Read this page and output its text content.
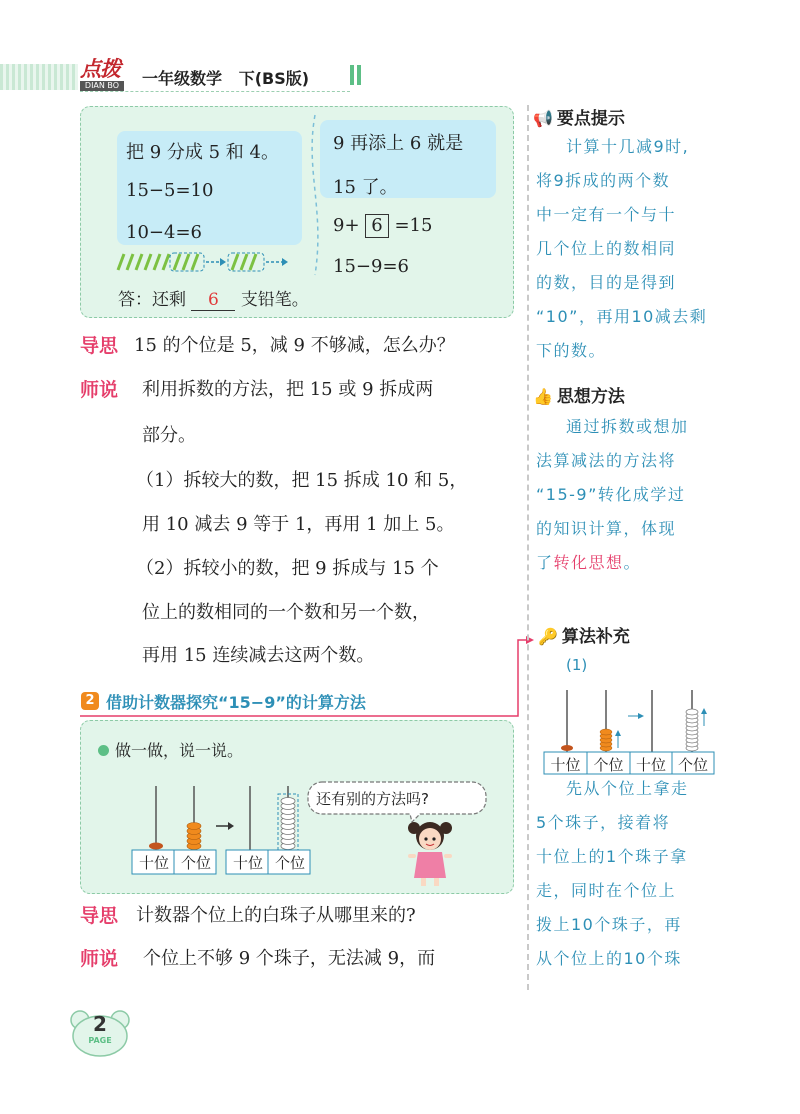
点拨
DIAN BO	一年级数学   下(BS版)
把 9 分成 5 和 4。
15−5=10
10−4=6
9 再添上 6 就是
15 了。
9+ 6 =15
15−9=6
答：还剩 6 支铅笔。
导思 15 的个位是 5，减 9 不够减，怎么办？
师说 利用拆数的方法，把 15 或 9 拆成两
部分。
（1）拆较大的数，把 15 拆成 10 和 5，
用 10 减去 9 等于 1，再用 1 加上 5。
（2）拆较小的数，把 9 拆成与 15 个
位上的数相同的一个数和另一个数，
再用 15 连续减去这两个数。
2 借助计数器探究“15−9”的计算方法
做一做，说一说。
十位 个位	十位 个位
还有别的方法吗?
导思 计数器个位上的白珠子从哪里来的?
师说 个位上不够 9 个珠子，无法减 9，而
📢 要点提示
计算十几减9时,
将9拆成的两个数
中一定有一个与十
几个位上的数相同
的数，目的是得到
“10”，再用10减去剩
下的数。
👍 思想方法
通过拆数或想加
法算减法的方法将
“15-9”转化成学过
的知识计算，体现
了转化思想。
🔑 算法补充
(1)
十位 个位 十位 个位
先从个位上拿走
5个珠子，接着将
十位上的1个珠子拿
走，同时在个位上
拨上10个珠子，再
从个位上的10个珠
2
PAGE
